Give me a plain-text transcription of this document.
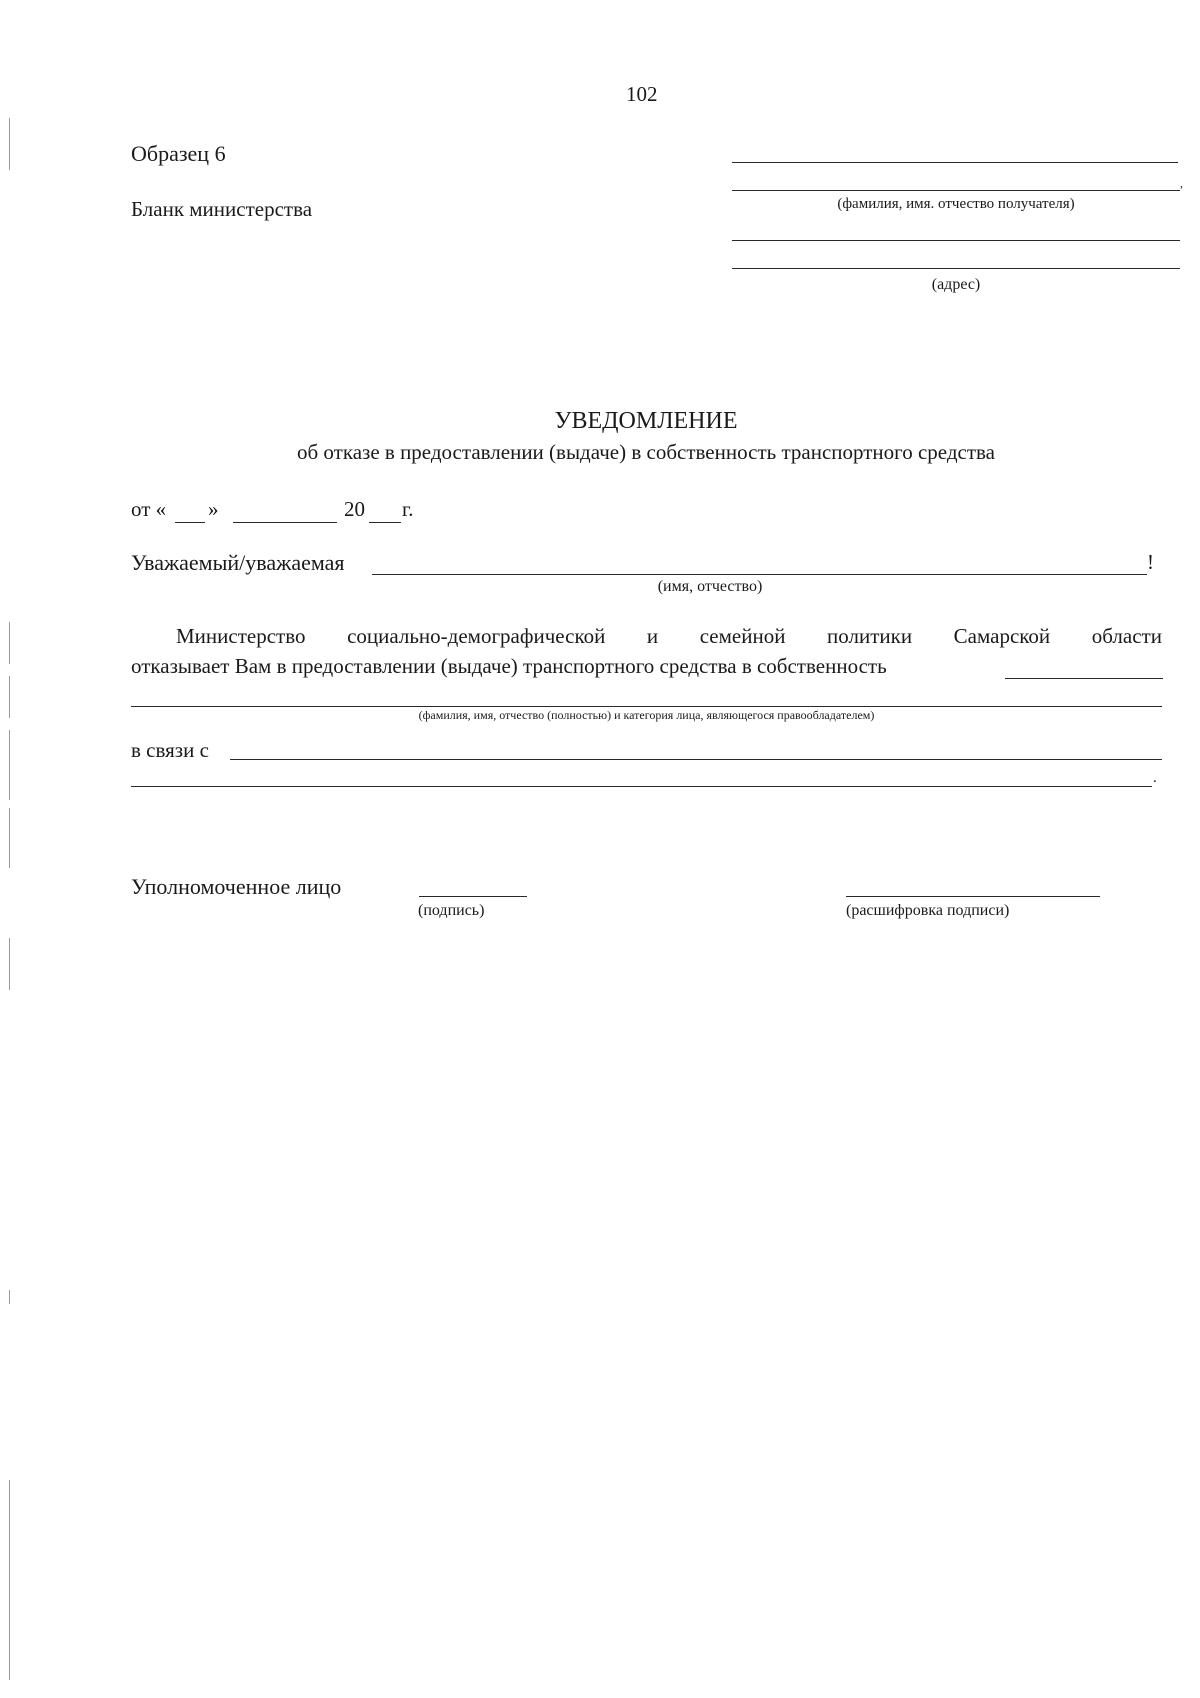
102
Образец 6
Бланк министерства
,
(фамилия, имя. отчество получателя)
(адрес)
УВЕДОМЛЕНИЕ
об отказе в предоставлении (выдаче) в собственность транспортного средства
от « »	20 г.
Уважаемый/уважаемая	!
(имя, отчество)
Министерство социально-демографической и семейной политики Самарской области
отказывает Вам в предоставлении (выдаче) транспортного средства в собственность
(фамилия, имя, отчество (полностью) и категория лица, являющегося правообладателем)
в связи с
.
Уполномоченное лицо
(подпись)	(расшифровка подписи)
